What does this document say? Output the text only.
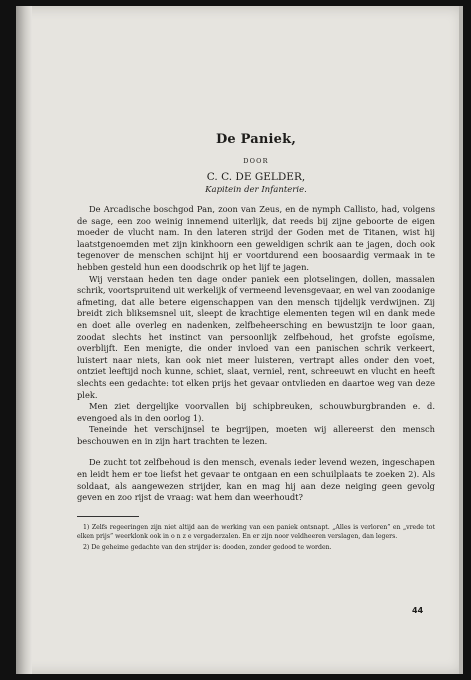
De Paniek,

DOOR

C. C. DE GELDER,

Kapitein der Infanterie.

De Arcadische boschgod Pan, zoon van Zeus, en de nymph Callisto, had, volgens de sage, een zoo weinig innemend uiterlijk, dat reeds bij zijne geboorte de eigen moeder de vlucht nam. In den lateren strijd der Goden met de Titanen, wist hij laatstgenoemden met zijn kinkhoorn een geweldigen schrik aan te jagen, doch ook tegenover de menschen schijnt hij er voortdurend een boosaardig vermaak in te hebben gesteld hun een doodschrik op het lijf te jagen.

Wij verstaan heden ten dage onder paniek een plotselingen, dollen, massalen schrik, voortspruitend uit werkelijk of vermeend levensgevaar, en wel van zoodanige afmeting, dat alle betere eigenschappen van den mensch tijdelijk verdwijnen. Zij breidt zich bliksemsnel uit, sleept de krachtige elementen tegen wil en dank mede en doet alle overleg en nadenken, zelfbeheersching en bewustzijn te loor gaan, zoodat slechts het instinct van persoonlijk zelfbehoud, het grofste egoïsme, overblijft. Een menigte, die onder invloed van een panischen schrik verkeert, luistert naar niets, kan ook niet meer luisteren, vertrapt alles onder den voet, ontziet leeftijd noch kunne, schiet, slaat, verniel, rent, schreeuwt en vlucht en heeft slechts een gedachte: tot elken prijs het gevaar ontvlieden en daartoe weg van deze plek.

Men ziet dergelijke voorvallen bij schipbreuken, schouwburgbranden e. d. evengoed als in den oorlog 1).

Teneinde het verschijnsel te begrijpen, moeten wij allereerst den mensch beschouwen en in zijn hart trachten te lezen.

De zucht tot zelfbehoud is den mensch, evenals ieder levend wezen, ingeschapen en leidt hem er toe liefst het gevaar te ontgaan en een schuilplaats te zoeken 2). Als soldaat, als aangewezen strijder, kan en mag hij aan deze neiging geen gevolg geven en zoo rijst de vraag: wat hem dan weerhoudt?

1) Zelfs regeeringen zijn niet altijd aan de werking van een paniek ontsnapt. „Alles is verloren” en „vrede tot elken prijs” weerklonk ook in o n z e vergaderzalen. En er zijn noor veldheeren verslagen, dan legers.

2) De geheime gedachte van den strijder is: dooden, zonder gedood te worden.

44
